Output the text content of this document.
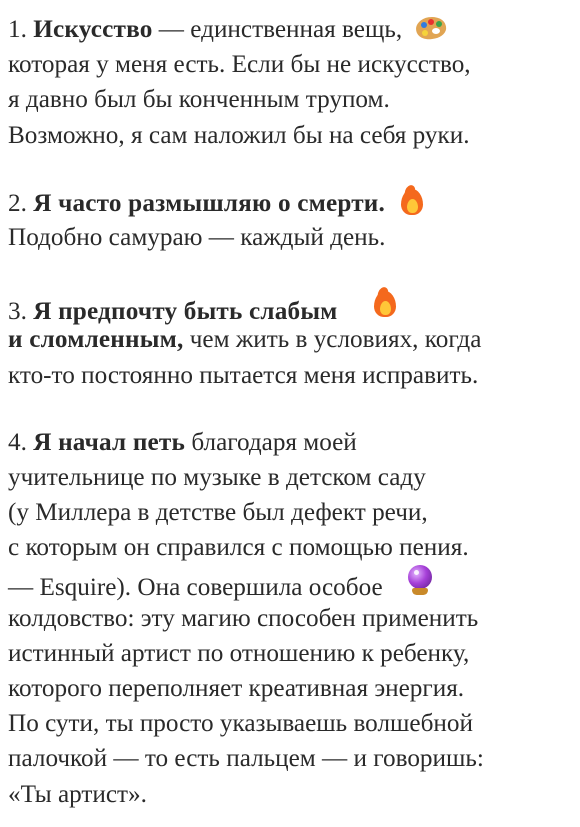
1. Искусство — единственная вещь,
которая у меня есть. Если бы не искусство,
я давно был бы конченным трупом.
Возможно, я сам наложил бы на себя руки.
2. Я часто размышляю о смерти.
Подобно самураю — каждый день.
3. Я предпочту быть слабым
и сломленным, чем жить в условиях, когда
кто-то постоянно пытается меня исправить.
4. Я начал петь благодаря моей
учительнице по музыке в детском саду
(у Миллера в детстве был дефект речи,
с которым он справился с помощью пения.
— Esquire). Она совершила особое
колдовство: эту магию способен применить
истинный артист по отношению к ребенку,
которого переполняет креативная энергия.
По сути, ты просто указываешь волшебной
палочкой — то есть пальцем — и говоришь:
«Ты артист».
